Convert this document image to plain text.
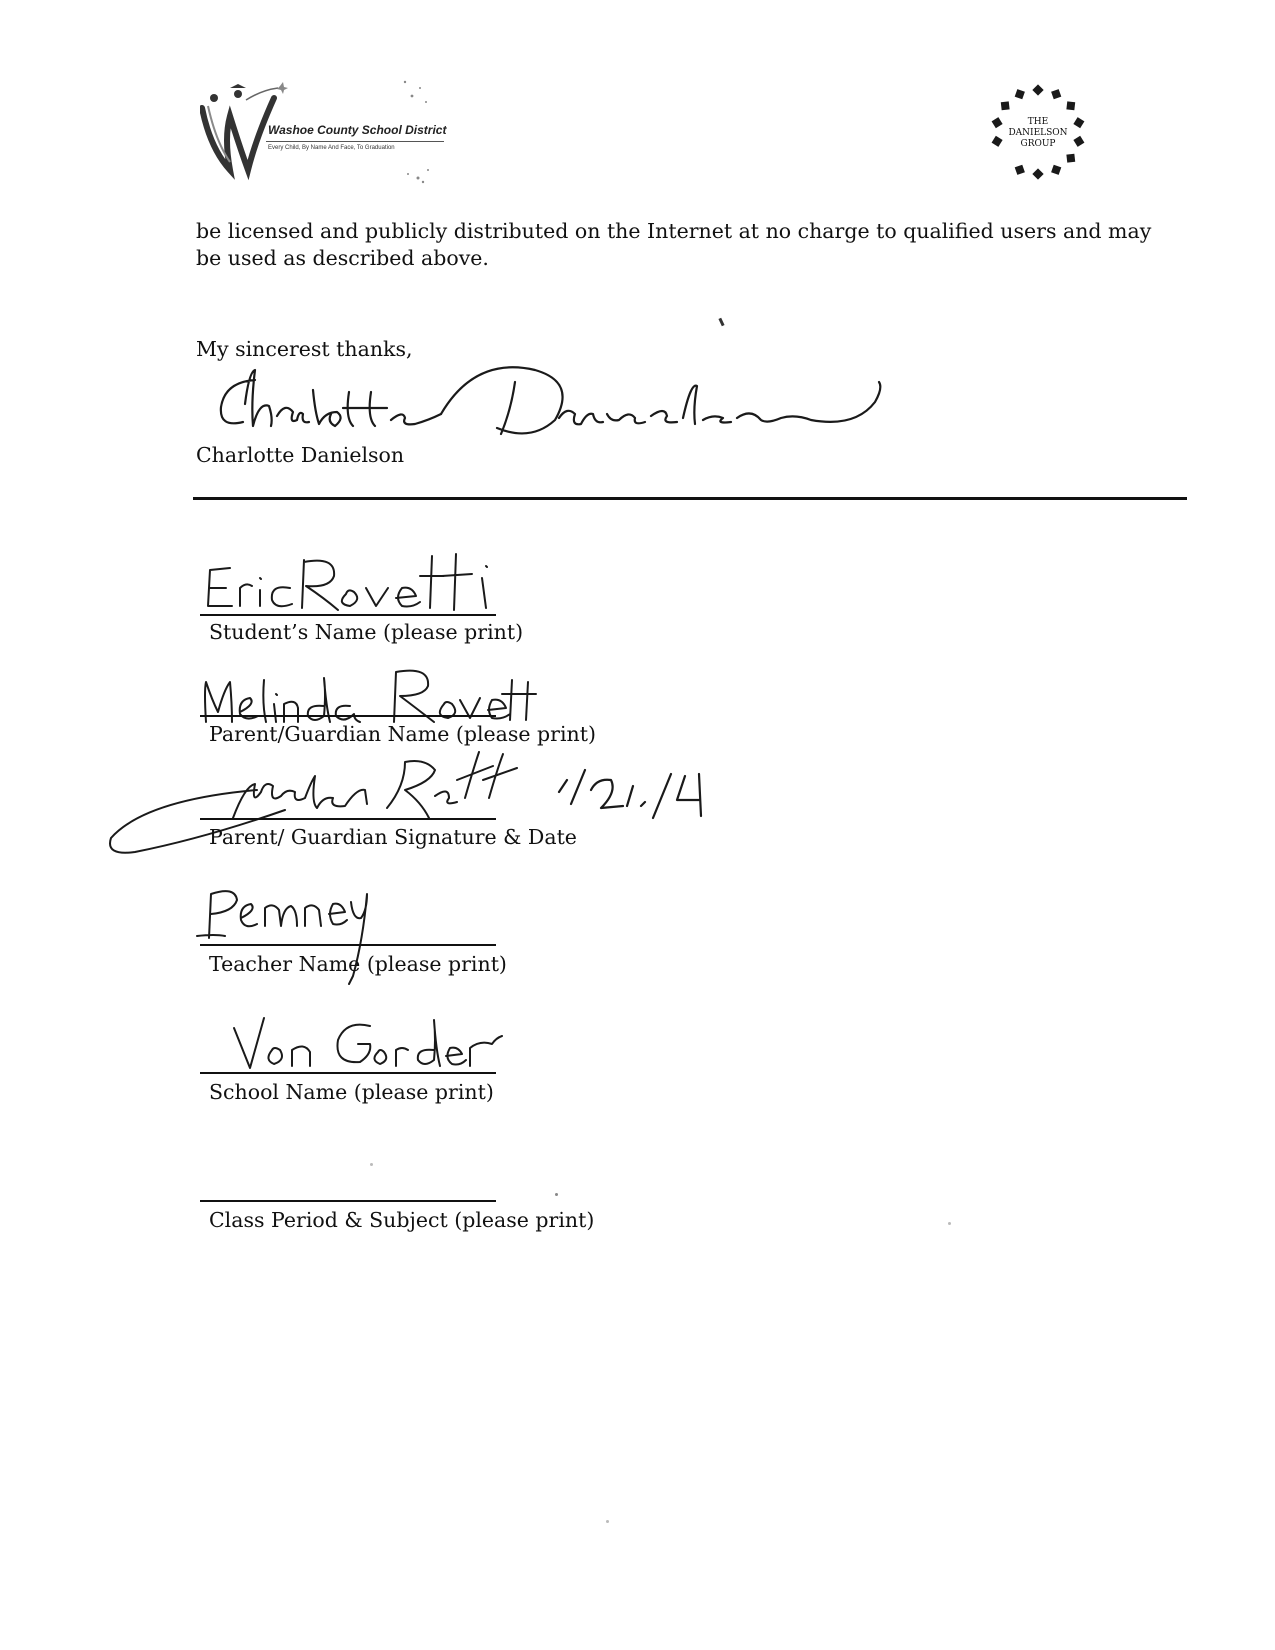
Washoe County School District
Every Child, By Name And Face, To Graduation
THE
DANIELSON
GROUP
be licensed and publicly distributed on the Internet at no charge to qualified users and may
be used as described above.
My sincerest thanks,
Charlotte Danielson
Student’s Name (please print)
Parent/Guardian Name (please print)
Parent/ Guardian Signature & Date
Teacher Name (please print)
School Name (please print)
Class Period & Subject (please print)
